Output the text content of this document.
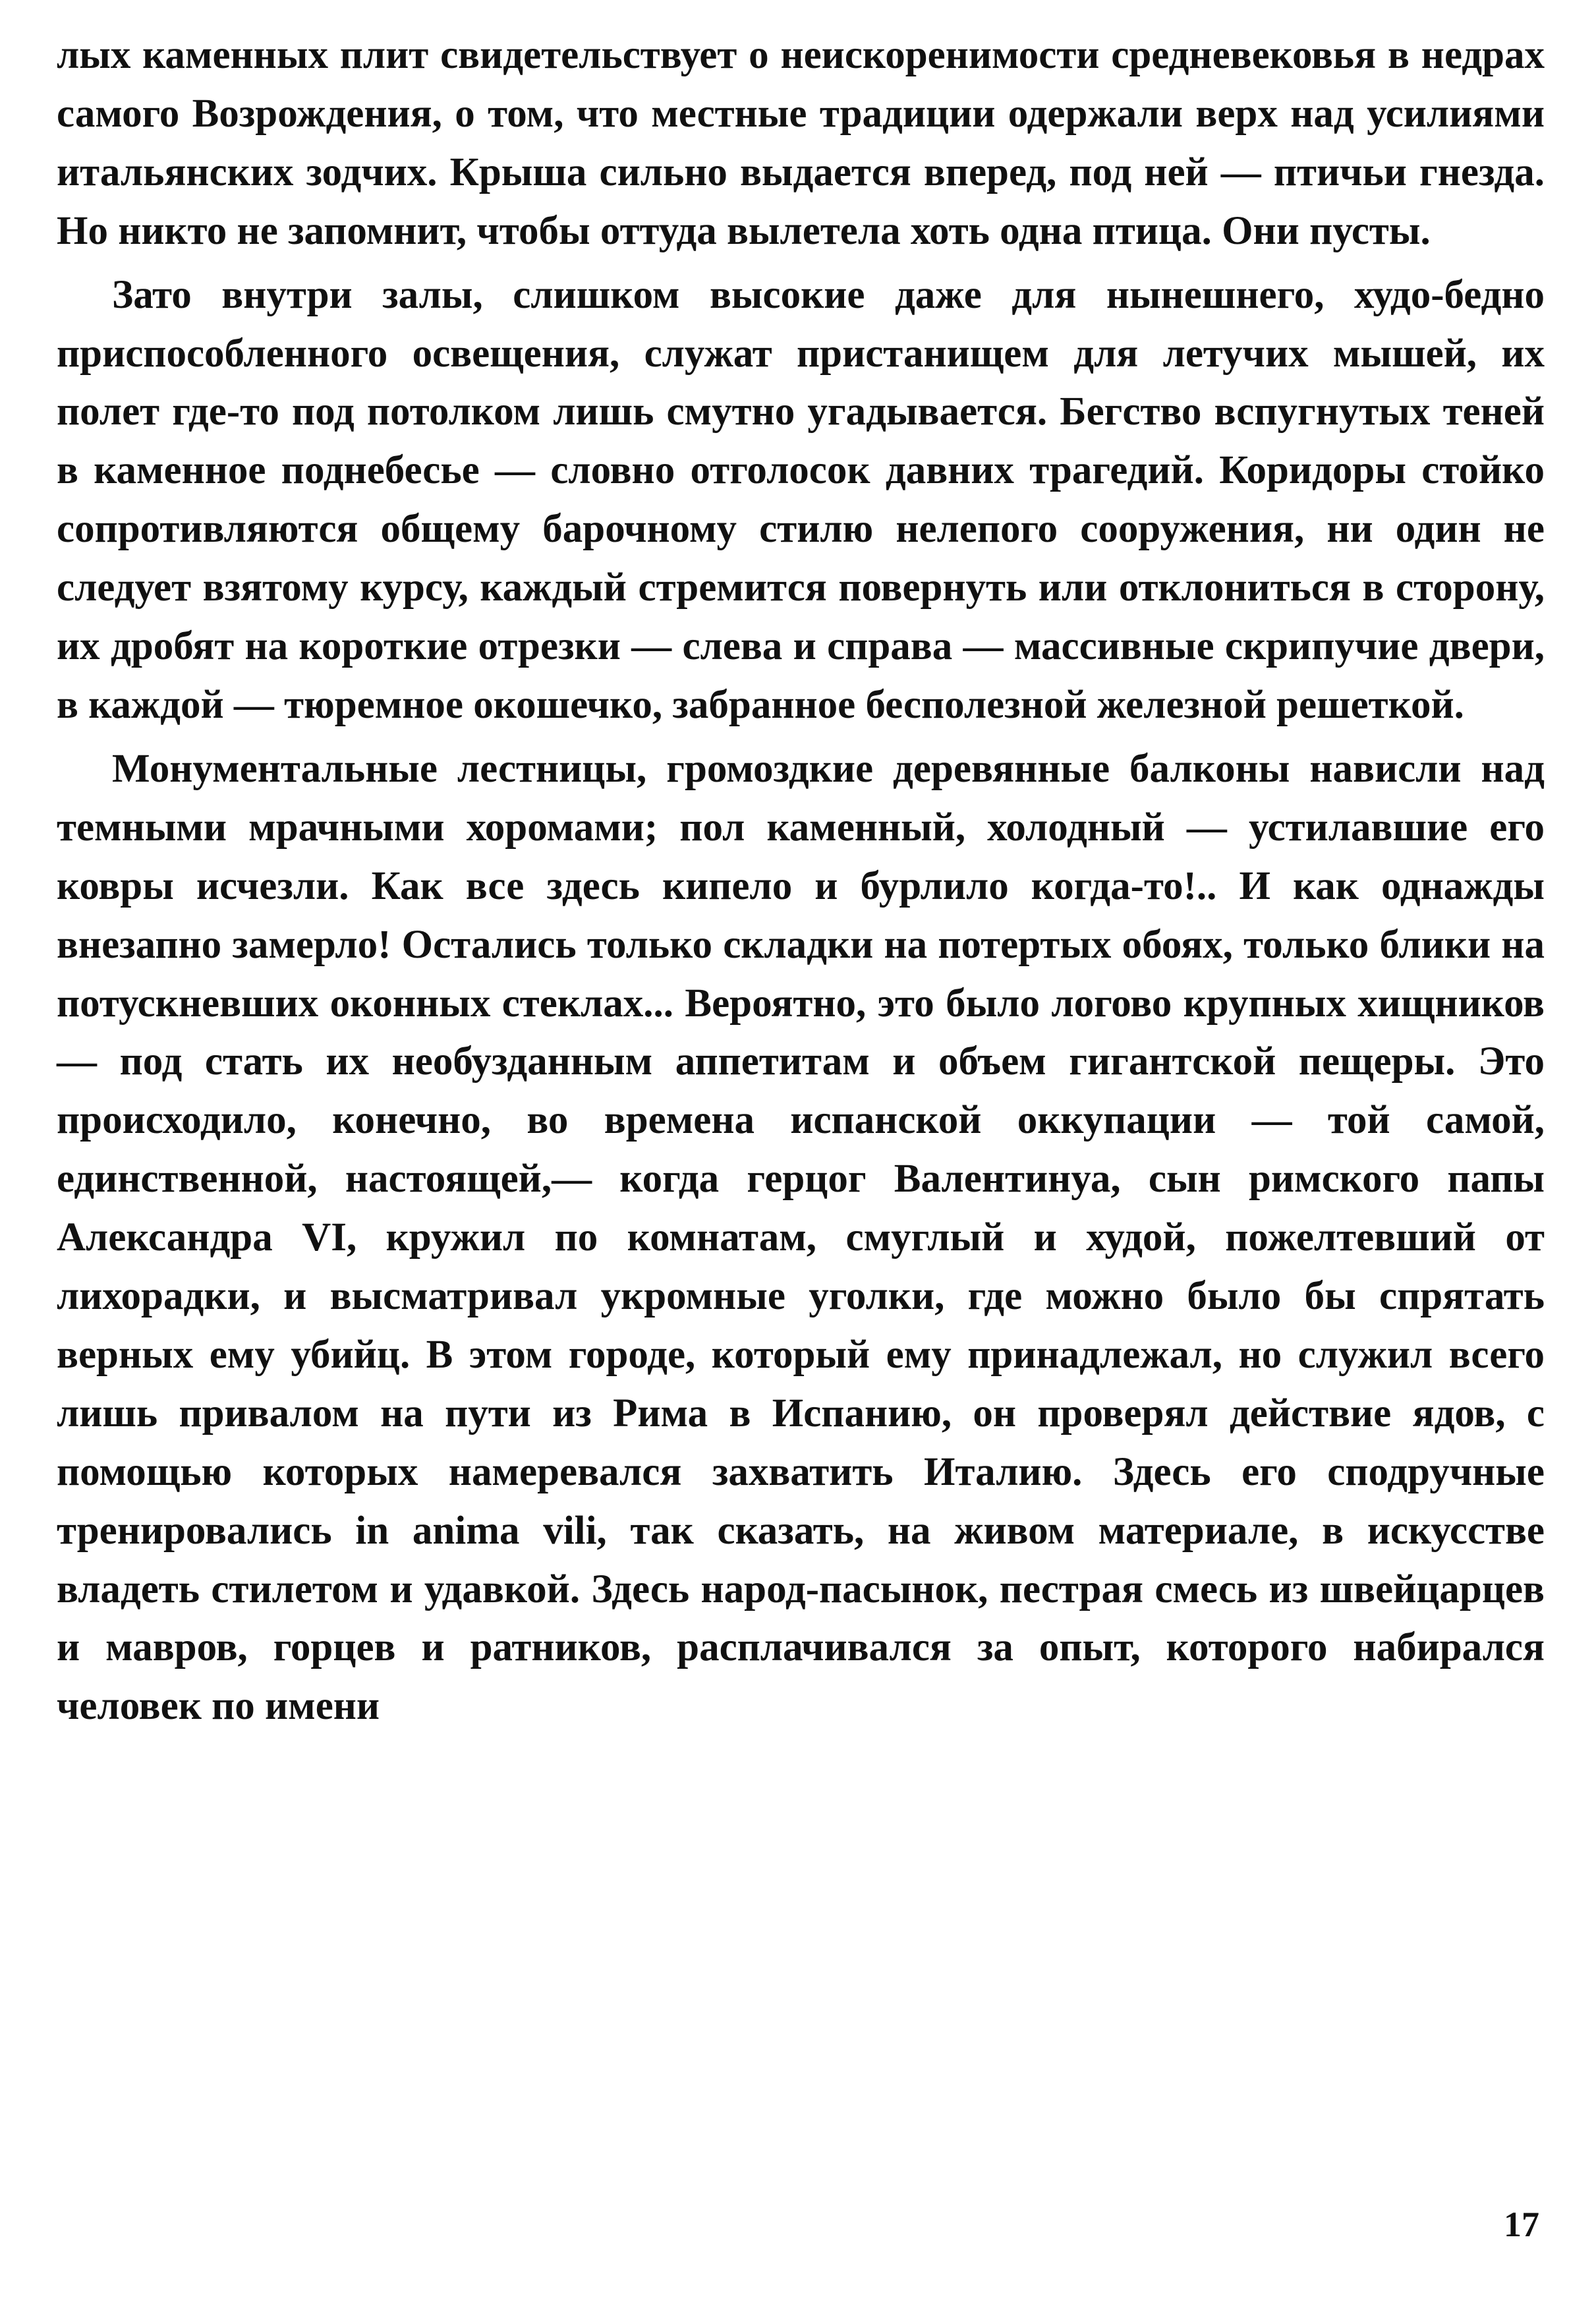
лых каменных плит свидетельствует о неискоренимости средневековья в недрах самого Возрождения, о том, что местные традиции одержали верх над усилиями итальянских зодчих. Крыша сильно выдается вперед, под ней — птичьи гнезда. Но никто не запомнит, чтобы оттуда вылетела хоть одна птица. Они пусты.

Зато внутри залы, слишком высокие даже для нынешнего, худо-бедно приспособленного освещения, служат пристанищем для летучих мышей, их полет где-то под потолком лишь смутно угадывается. Бегство вспугнутых теней в каменное поднебесье — словно отголосок давних трагедий. Коридоры стойко сопротивляются общему барочному стилю нелепого сооружения, ни один не следует взятому курсу, каждый стремится повернуть или отклониться в сторону, их дробят на короткие отрезки — слева и справа — массивные скрипучие двери, в каждой — тюремное окошечко, забранное бесполезной железной решеткой.

Монументальные лестницы, громоздкие деревянные балконы нависли над темными мрачными хоромами; пол каменный, холодный — устилавшие его ковры исчезли. Как все здесь кипело и бурлило когда-то!.. И как однажды внезапно замерло! Остались только складки на потертых обоях, только блики на потускневших оконных стеклах... Вероятно, это было логово крупных хищников — под стать их необузданным аппетитам и объем гигантской пещеры. Это происходило, конечно, во времена испанской оккупации — той самой, единственной, настоящей,— когда герцог Валентинуа, сын римского папы Александра VI, кружил по комнатам, смуглый и худой, пожелтевший от лихорадки, и высматривал укромные уголки, где можно было бы спрятать верных ему убийц. В этом городе, который ему принадлежал, но служил всего лишь привалом на пути из Рима в Испанию, он проверял действие ядов, с помощью которых намеревался захватить Италию. Здесь его сподручные тренировались in anima vili, так сказать, на живом материале, в искусстве владеть стилетом и удавкой. Здесь народ-пасынок, пестрая смесь из швейцарцев и мавров, горцев и ратников, расплачивался за опыт, которого набирался человек по имени

17
